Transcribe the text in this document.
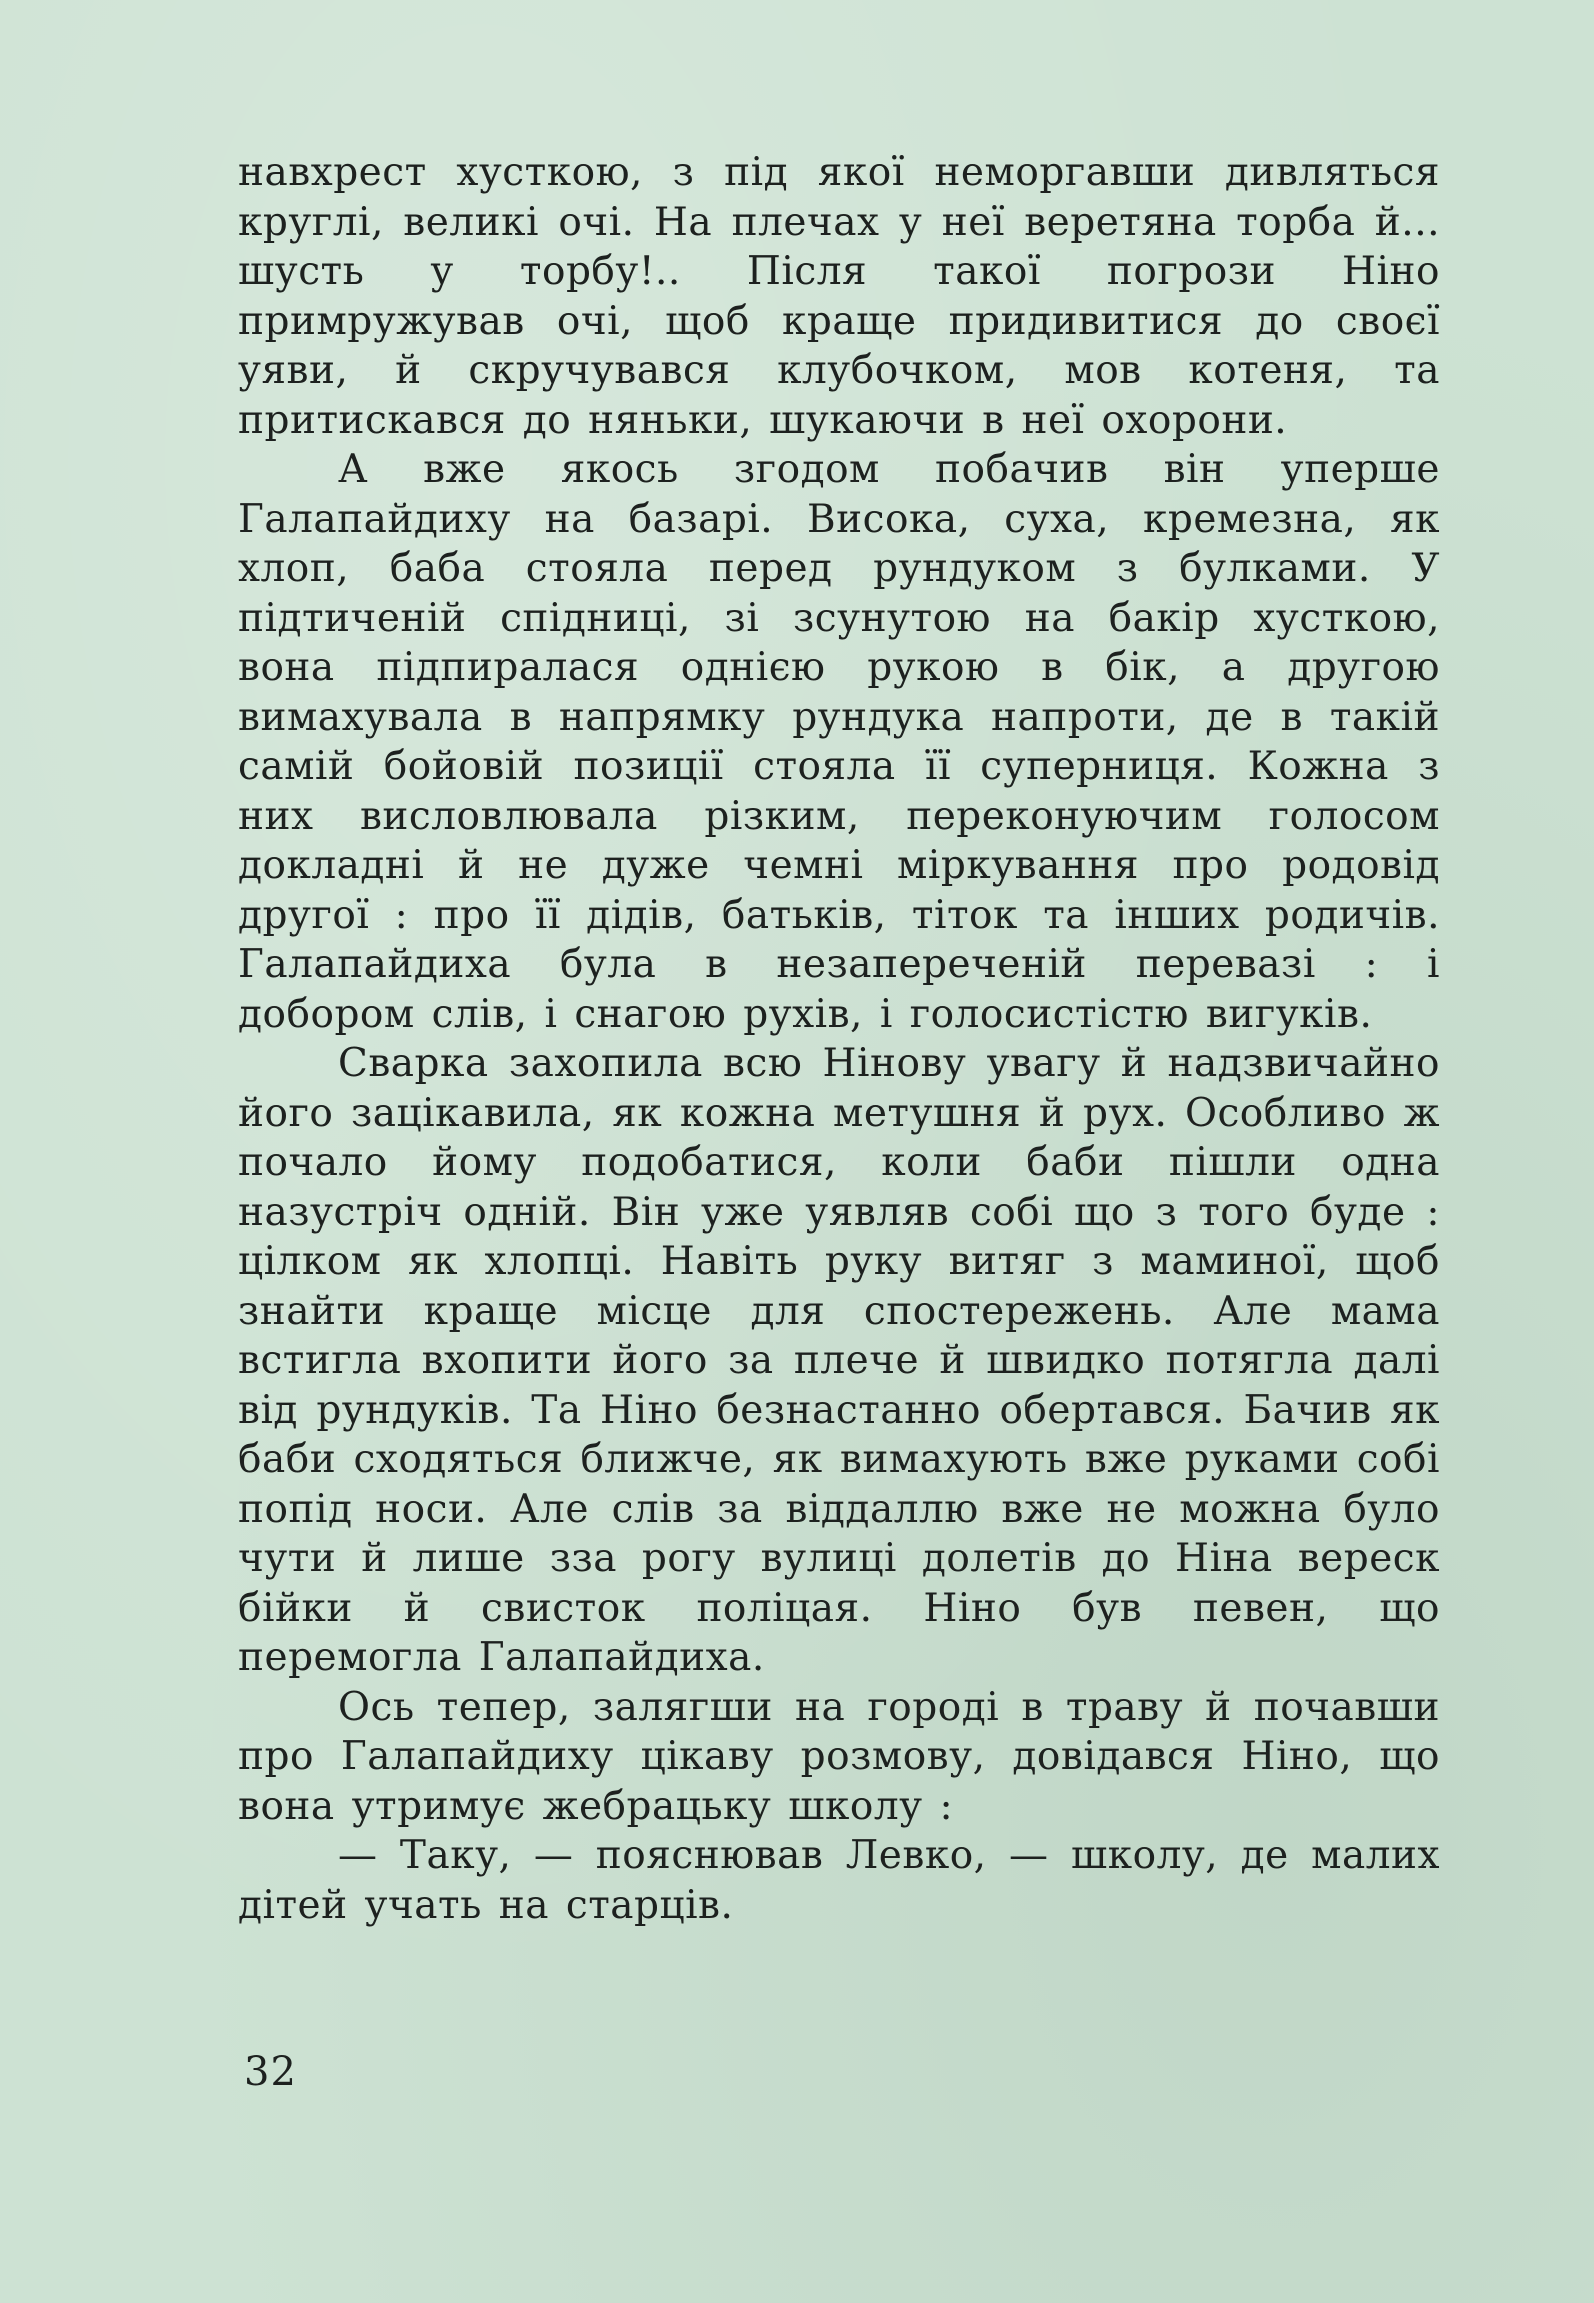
навхрест хусткою, з під якої неморгавши дивляться круглі, великі очі. На плечах у неї веретяна торба й... шусть у торбу!.. Після такої погрози Ніно примружував очі, щоб краще придивитися до своєї уяви, й скручувався клубочком, мов котеня, та притискався до няньки, шукаючи в неї охорони.

А вже якось згодом побачив він уперше Галапайдиху на базарі. Висока, суха, кремезна, як хлоп, баба стояла перед рундуком з булками. У підтиченій спідниці, зі зсунутою на бакір хусткою, вона підпиралася однією рукою в бік, а другою вимахувала в напрямку рундука напроти, де в такій самій бойовій позиції стояла її суперниця. Кожна з них висловлювала різким, переконуючим голосом докладні й не дуже чемні міркування про родовід другої : про її дідів, батьків, тіток та інших родичів. Галапайдиха була в незапереченій перевазі : і добором слів, і снагою рухів, і голосистістю вигуків.

Сварка захопила всю Нінову увагу й надзвичайно його зацікавила, як кожна метушня й рух. Особливо ж почало йому подобатися, коли баби пішли одна назустріч одній. Він уже уявляв собі що з того буде : цілком як хлопці. Навіть руку витяг з маминої, щоб знайти краще місце для спостережень. Але мама встигла вхопити його за плече й швидко потягла далі від рундуків. Та Ніно безнастанно обертався. Бачив як баби сходяться ближче, як вимахують вже руками собі попід носи. Але слів за віддаллю вже не можна було чути й лише зза рогу вулиці долетів до Ніна вереск бійки й свисток поліцая. Ніно був певен, що перемогла Галапайдиха.

Ось тепер, залягши на городі в траву й почавши про Галапайдиху цікаву розмову, довідався Ніно, що вона утримує жебрацьку школу :

— Таку, — пояснював Левко, — школу, де малих дітей учать на старців.

32
